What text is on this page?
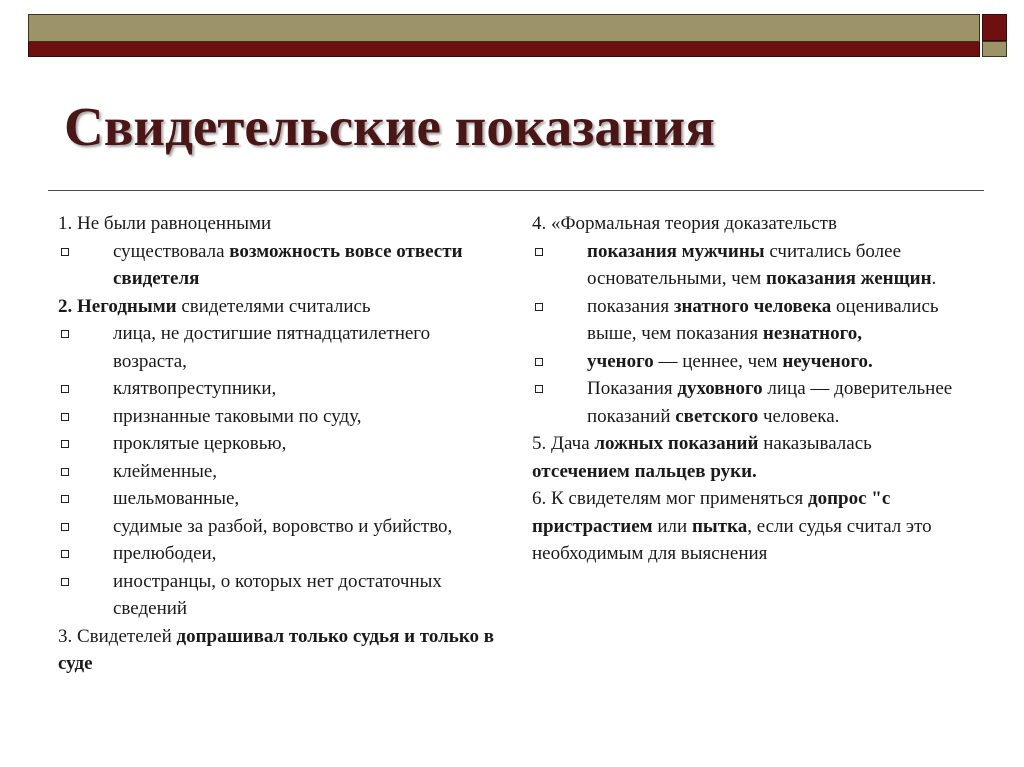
Свидетельские показания

1. Не были равноценными

существовала возможность вовсе отвести свидетеля

2. Негодными свидетелями считались

лица, не достигшие пятнадцатилетнего возраста,

клятвопреступники,

признанные таковыми по суду,

проклятые церковью,

клейменные,

шельмованные,

судимые за разбой, воровство и убийство,

прелюбодеи,

иностранцы, о которых нет достаточных сведений

3. Свидетелей допрашивал только судья и только в суде

4. «Формальная теория доказательств

показания мужчины считались более основательными, чем показания женщин.

показания знатного человека оценивались выше, чем показания незнатного,

ученого — ценнее, чем неученого.

Показания духовного лица — доверительнее показаний светского человека.

5. Дача ложных показаний наказывалась отсечением пальцев руки.

6. К свидетелям мог применяться допрос "с пристрастием или пытка, если судья считал это необходимым для выяснения
